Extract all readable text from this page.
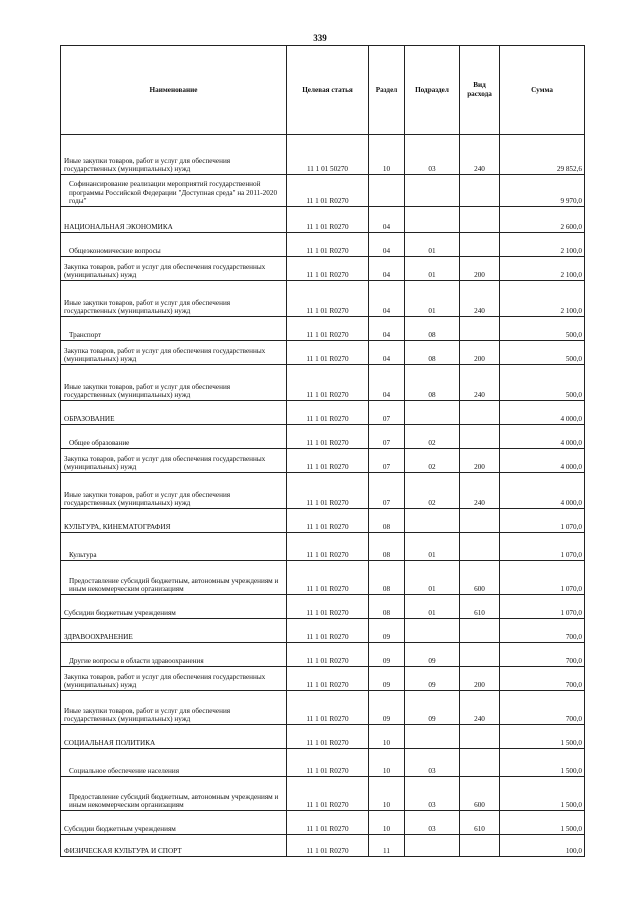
339
Наименование	Целевая статья	Раздел	Подраздел	Вид расхода	Сумма
Иные закупки товаров, работ и услуг для обеспечения государственных (муниципальных) нужд	11 1 01 50270	10	03	240	29 852,6
Софинансирование реализации мероприятий государственной программы Российской Федерации "Доступная среда" на 2011-2020 годы"	11 1 01 R0270				9 970,0
НАЦИОНАЛЬНАЯ ЭКОНОМИКА	11 1 01 R0270	04			2 600,0
Общеэкономические вопросы	11 1 01 R0270	04	01		2 100,0
Закупка товаров, работ и услуг для обеспечения государственных (муниципальных) нужд	11 1 01 R0270	04	01	200	2 100,0
Иные закупки товаров, работ и услуг для обеспечения государственных (муниципальных) нужд	11 1 01 R0270	04	01	240	2 100,0
Транспорт	11 1 01 R0270	04	08		500,0
Закупка товаров, работ и услуг для обеспечения государственных (муниципальных) нужд	11 1 01 R0270	04	08	200	500,0
Иные закупки товаров, работ и услуг для обеспечения государственных (муниципальных) нужд	11 1 01 R0270	04	08	240	500,0
ОБРАЗОВАНИЕ	11 1 01 R0270	07			4 000,0
Общее образование	11 1 01 R0270	07	02		4 000,0
Закупка товаров, работ и услуг для обеспечения государственных (муниципальных) нужд	11 1 01 R0270	07	02	200	4 000,0
Иные закупки товаров, работ и услуг для обеспечения государственных (муниципальных) нужд	11 1 01 R0270	07	02	240	4 000,0
КУЛЬТУРА, КИНЕМАТОГРАФИЯ	11 1 01 R0270	08			1 070,0
Культура	11 1 01 R0270	08	01		1 070,0
Предоставление субсидий бюджетным, автономным учреждениям и иным некоммерческим организациям	11 1 01 R0270	08	01	600	1 070,0
Субсидии бюджетным учреждениям	11 1 01 R0270	08	01	610	1 070,0
ЗДРАВООХРАНЕНИЕ	11 1 01 R0270	09			700,0
Другие вопросы в области здравоохранения	11 1 01 R0270	09	09		700,0
Закупка товаров, работ и услуг для обеспечения государственных (муниципальных) нужд	11 1 01 R0270	09	09	200	700,0
Иные закупки товаров, работ и услуг для обеспечения государственных (муниципальных) нужд	11 1 01 R0270	09	09	240	700,0
СОЦИАЛЬНАЯ ПОЛИТИКА	11 1 01 R0270	10			1 500,0
Социальное обеспечение населения	11 1 01 R0270	10	03		1 500,0
Предоставление субсидий бюджетным, автономным учреждениям и иным некоммерческим организациям	11 1 01 R0270	10	03	600	1 500,0
Субсидии бюджетным учреждениям	11 1 01 R0270	10	03	610	1 500,0
ФИЗИЧЕСКАЯ КУЛЬТУРА И СПОРТ	11 1 01 R0270	11			100,0
